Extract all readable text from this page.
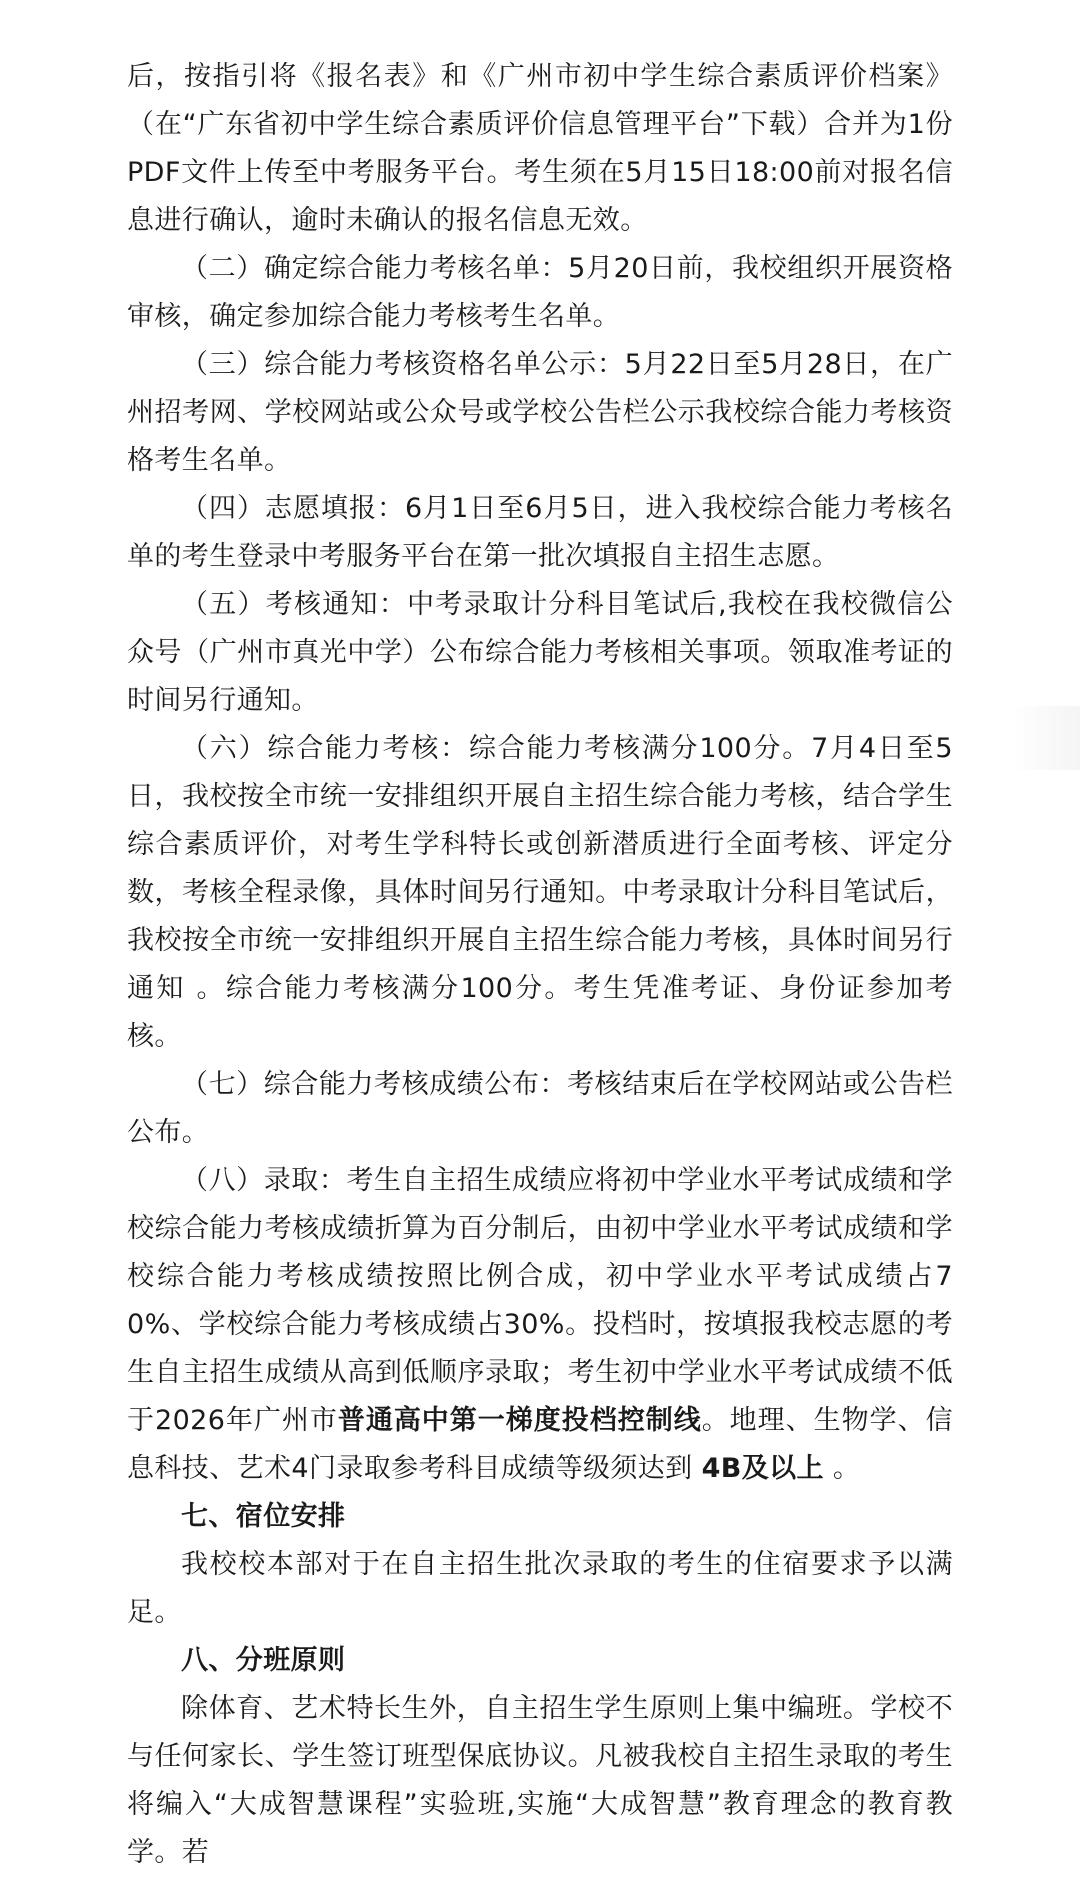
后，按指引将《报名表》和《广州市初中学生综合素质评价档案》（在“广东省初中学生综合素质评价信息管理平台”下载）合并为1份PDF文件上传至中考服务平台。考生须在5月15日18:00前对报名信息进行确认，逾时未确认的报名信息无效。

（二）确定综合能力考核名单：5月20日前，我校组织开展资格审核，确定参加综合能力考核考生名单。

（三）综合能力考核资格名单公示：5月22日至5月28日，在广州招考网、学校网站或公众号或学校公告栏公示我校综合能力考核资格考生名单。

（四）志愿填报：6月1日至6月5日，进入我校综合能力考核名单的考生登录中考服务平台在第一批次填报自主招生志愿。

（五）考核通知：中考录取计分科目笔试后,我校在我校微信公众号（广州市真光中学）公布综合能力考核相关事项。领取准考证的时间另行通知。

（六）综合能力考核：综合能力考核满分100分。7月4日至5日，我校按全市统一安排组织开展自主招生综合能力考核，结合学生综合素质评价，对考生学科特长或创新潜质进行全面考核、评定分数，考核全程录像，具体时间另行通知。中考录取计分科目笔试后，我校按全市统一安排组织开展自主招生综合能力考核，具体时间另行通知 。综合能力考核满分100分。考生凭准考证、身份证参加考核。

（七）综合能力考核成绩公布：考核结束后在学校网站或公告栏公布。

（八）录取：考生自主招生成绩应将初中学业水平考试成绩和学校综合能力考核成绩折算为百分制后，由初中学业水平考试成绩和学校综合能力考核成绩按照比例合成，初中学业水平考试成绩占70%、学校综合能力考核成绩占30%。投档时，按填报我校志愿的考生自主招生成绩从高到低顺序录取；考生初中学业水平考试成绩不低于2026年广州市普通高中第一梯度投档控制线。地理、生物学、信息科技、艺术4门录取参考科目成绩等级须达到 4B及以上 。

七、宿位安排

我校校本部对于在自主招生批次录取的考生的住宿要求予以满足。

八、分班原则

除体育、艺术特长生外，自主招生学生原则上集中编班。学校不与任何家长、学生签订班型保底协议。凡被我校自主招生录取的考生将编入“大成智慧课程”实验班,实施“大成智慧”教育理念的教育教学。若
